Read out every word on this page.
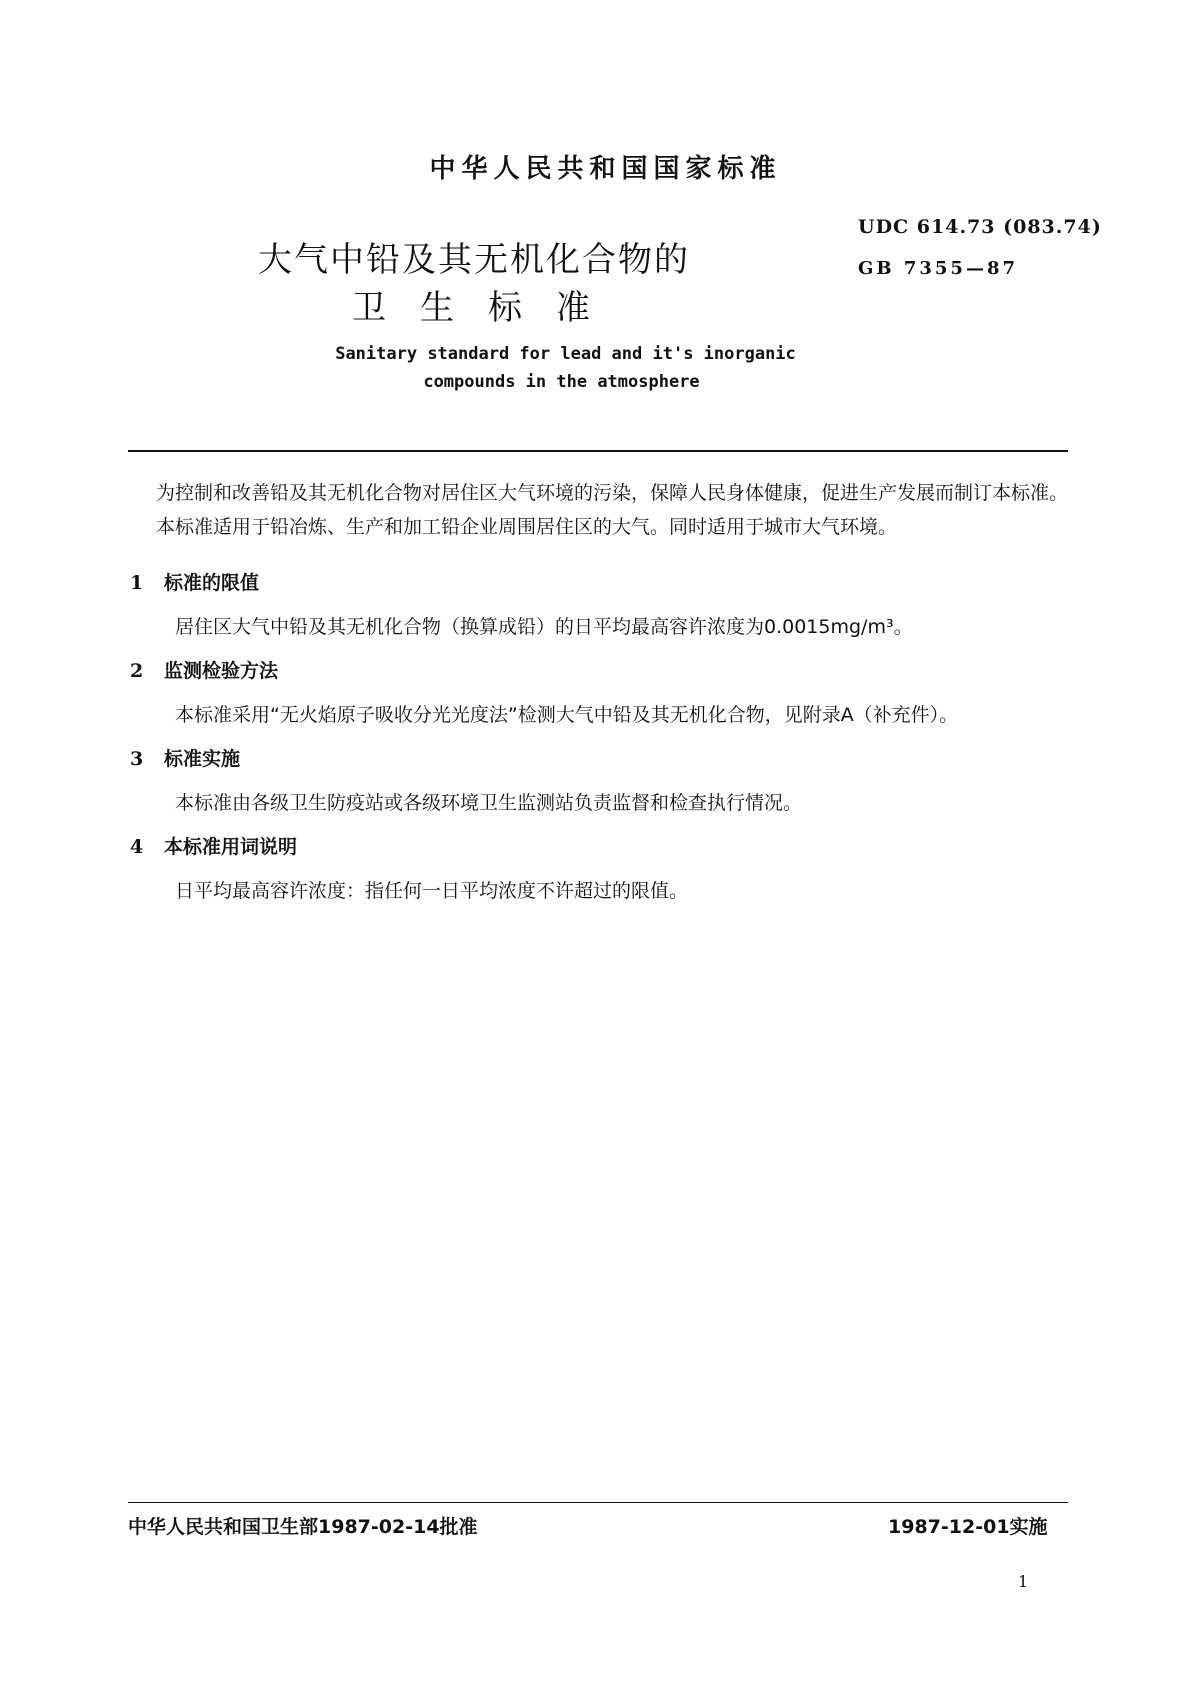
中华人民共和国国家标准
UDC 614.73 (083.74)
GB 7355—87
大气中铅及其无机化合物的
卫生标准
Sanitary standard for lead and it's inorganic
compounds in the atmosphere

为控制和改善铅及其无机化合物对居住区大气环境的污染，保障人民身体健康，促进生产发展而制订本标准。

本标准适用于铅冶炼、生产和加工铅企业周围居住区的大气。同时适用于城市大气环境。

1 标准的限值
居住区大气中铅及其无机化合物（换算成铅）的日平均最高容许浓度为0.0015mg/m³。
2 监测检验方法
本标准采用“无火焰原子吸收分光光度法”检测大气中铅及其无机化合物，见附录A（补充件）。
3 标准实施
本标准由各级卫生防疫站或各级环境卫生监测站负责监督和检查执行情况。
4 本标准用词说明
日平均最高容许浓度：指任何一日平均浓度不许超过的限值。
中华人民共和国卫生部1987-02-14批准	1987-12-01实施
1
